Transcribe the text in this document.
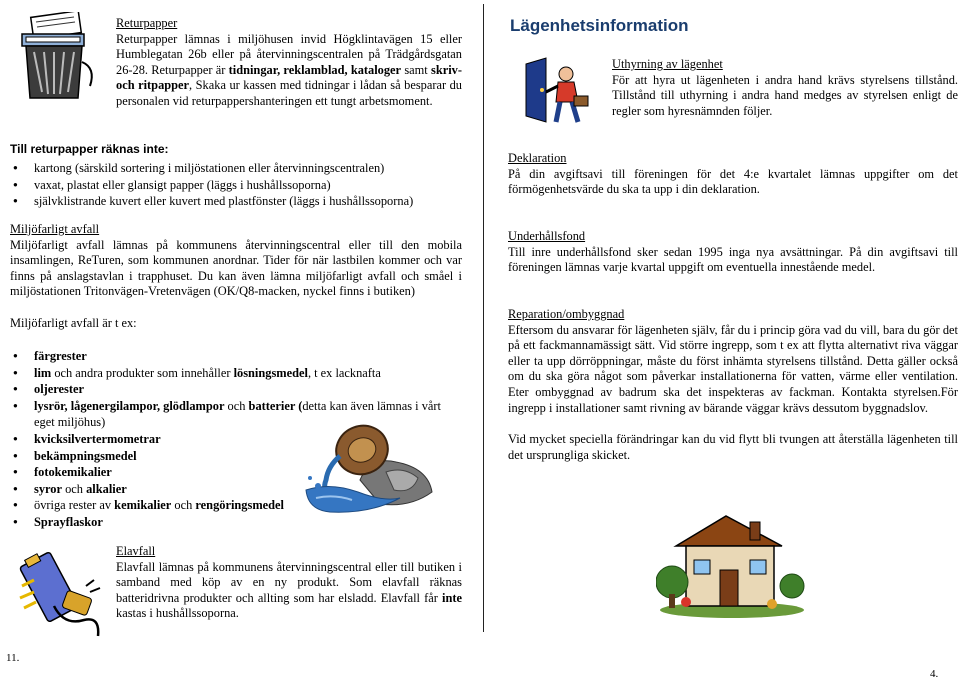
Returpapper
Returpapper lämnas i miljöhusen invid Högklintavägen 15 eller Humblegatan 26b eller på återvinningscentralen på Trädgårdsgatan 26-28. Returpapper är tidningar, reklamblad, kataloger samt skriv- och ritpapper, Skaka ur kassen med tidningar i lådan så besparar du personalen vid returpappershanteringen ett tungt arbetsmoment.
Till returpapper räknas inte:
● kartong (särskild sortering i miljöstationen eller återvinningscentralen)
● vaxat, plastat eller glansigt papper (läggs i hushållssoporna)
● självklistrande kuvert eller kuvert med plastfönster (läggs i hushållssoporna)
Miljöfarligt avfall
Miljöfarligt avfall lämnas på kommunens återvinningscentral eller till den mobila insamlingen, ReTuren, som kommunen anordnar. Tider för när lastbilen kommer och var finns på anslagstavlan i trapphuset. Du kan även lämna miljöfarligt avfall och småel i miljöstationen Tritonvägen-Vretenvägen (OK/Q8-macken, nyckel finns i butiken)
Miljöfarligt avfall är t ex:
● färgrester
● lim och andra produkter som innehåller lösningsmedel, t ex lacknafta
● oljerester
● lysrör, lågenergilampor, glödlampor och batterier (detta kan även lämnas i vårt eget miljöhus)
● kvicksilvertermometrar
● bekämpningsmedel
● fotokemikalier
● syror och alkalier
● övriga rester av kemikalier och rengöringsmedel
● Sprayflaskor
Elavfall
Elavfall lämnas på kommunens återvinningscentral eller till butiken i samband med köp av en ny produkt. Som elavfall räknas batteridrivna produkter och allting som har elsladd. Elavfall får inte kastas i hushållssoporna.
11.
Lägenhetsinformation
Uthyrning av lägenhet
För att hyra ut lägenheten i andra hand krävs styrelsens tillstånd. Tillstånd till uthyrning i andra hand medges av styrelsen enligt de regler som hyresnämnden följer.
Deklaration
På din avgiftsavi till föreningen för det 4:e kvartalet lämnas uppgifter om det förmögenhetsvärde du ska ta upp i din deklaration.
Underhållsfond
Till inre underhållsfond sker sedan 1995 inga nya avsättningar. På din avgiftsavi till föreningen lämnas varje kvartal uppgift om eventuella innestående medel.
Reparation/ombyggnad
Eftersom du ansvarar för lägenheten själv, får du i princip göra vad du vill, bara du gör det på ett fackmannamässigt sätt. Vid större ingrepp, som t ex att flytta alternativt riva väggar eller ta upp dörröppningar, måste du först inhämta styrelsens tillstånd. Detta gäller också om du ska göra något som påverkar installationerna för vatten, värme eller ventilation. Eter ombyggnad av badrum ska det inspekteras av fackman. Kontakta styrelsen.För ingrepp i installationer samt rivning av bärande väggar krävs dessutom byggnadslov.
Vid mycket speciella förändringar kan du vid flytt bli tvungen att återställa lägenheten till det ursprungliga skicket.
4.
